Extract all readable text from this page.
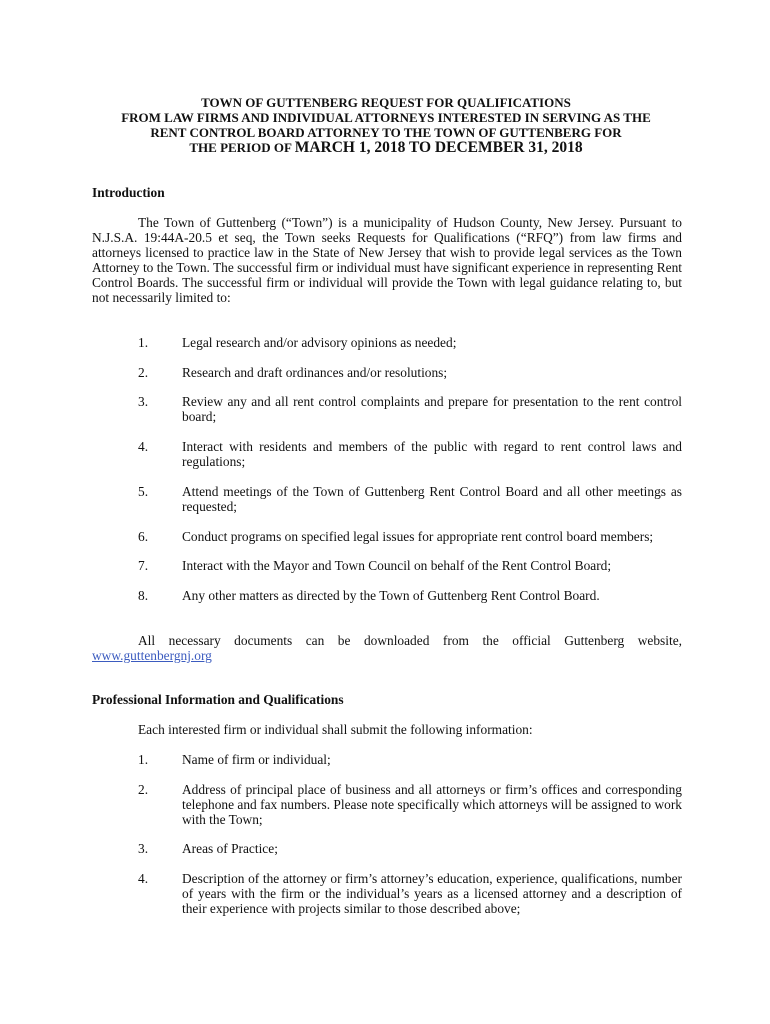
TOWN OF GUTTENBERG REQUEST FOR QUALIFICATIONS
FROM LAW FIRMS AND INDIVIDUAL ATTORNEYS INTERESTED IN SERVING AS THE
RENT CONTROL BOARD ATTORNEY TO THE TOWN OF GUTTENBERG FOR
THE PERIOD OF MARCH 1, 2018 TO DECEMBER 31, 2018
Introduction
The Town of Guttenberg (“Town”) is a municipality of Hudson County, New Jersey. Pursuant to N.J.S.A. 19:44A-20.5 et seq, the Town seeks Requests for Qualifications (“RFQ”) from law firms and attorneys licensed to practice law in the State of New Jersey that wish to provide legal services as the Town Attorney to the Town. The successful firm or individual must have significant experience in representing Rent Control Boards. The successful firm or individual will provide the Town with legal guidance relating to, but not necessarily limited to:
1.	Legal research and/or advisory opinions as needed;
2.	Research and draft ordinances and/or resolutions;
3.	Review any and all rent control complaints and prepare for presentation to the rent control board;
4.	Interact with residents and members of the public with regard to rent control laws and regulations;
5.	Attend meetings of the Town of Guttenberg Rent Control Board and all other meetings as requested;
6.	Conduct programs on specified legal issues for appropriate rent control board members;
7.	Interact with the Mayor and Town Council on behalf of the Rent Control Board;
8.	Any other matters as directed by the Town of Guttenberg Rent Control Board.
All necessary documents can be downloaded from the official Guttenberg website, www.guttenbergnj.org
Professional Information and Qualifications
Each interested firm or individual shall submit the following information:
1.	Name of firm or individual;
2.	Address of principal place of business and all attorneys or firm’s offices and corresponding telephone and fax numbers. Please note specifically which attorneys will be assigned to work with the Town;
3.	Areas of Practice;
4.	Description of the attorney or firm’s attorney’s education, experience, qualifications, number of years with the firm or the individual’s years as a licensed attorney and a description of their experience with projects similar to those described above;
